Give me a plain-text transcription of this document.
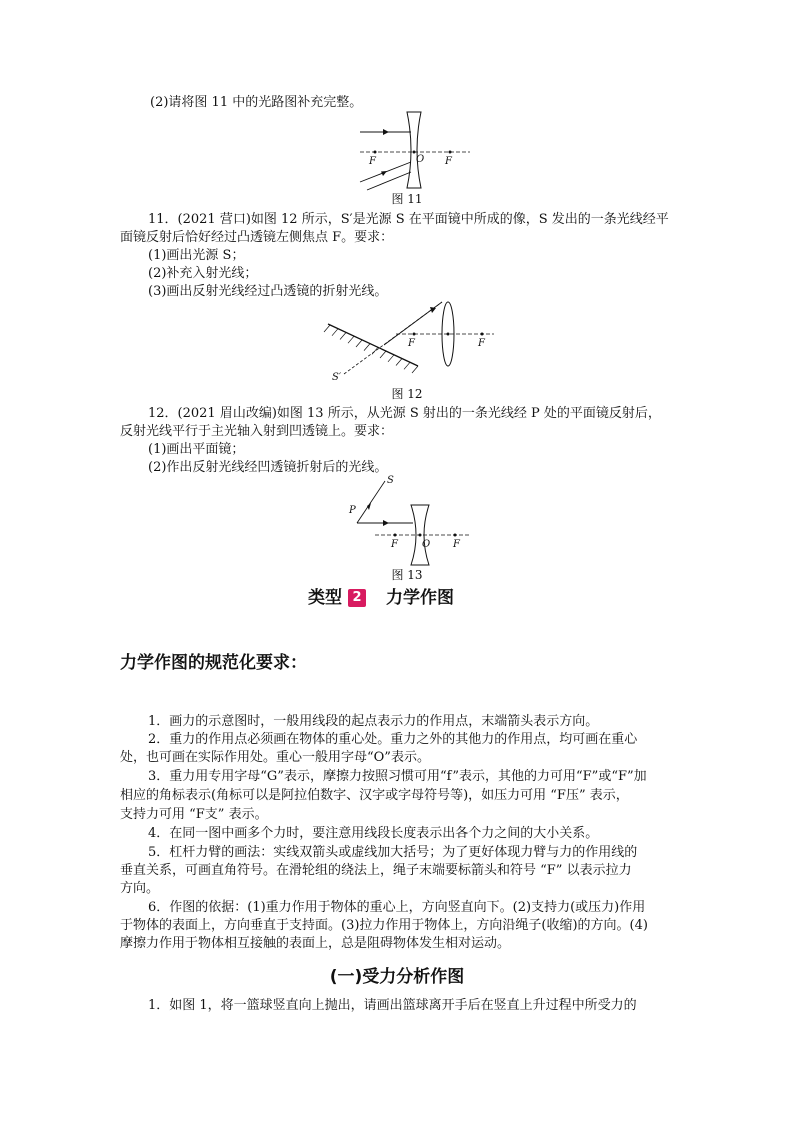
(2)请将图 11 中的光路图补充完整。
F	O F
图 11
11．(2021 营口)如图 12 所示，S′是光源 S 在平面镜中所成的像，S 发出的一条光线经平
面镜反射后恰好经过凸透镜左侧焦点 F。要求：
(1)画出光源 S；
(2)补充入射光线；
(3)画出反射光线经过凸透镜的折射光线。
F	F
S′
图 12
12．(2021 眉山改编)如图 13 所示，从光源 S 射出的一条光线经 P 处的平面镜反射后，
反射光线平行于主光轴入射到凹透镜上。要求：
(1)画出平面镜；
(2)作出反射光线经凹透镜折射后的光线。
S
P
F O F
图 13
类型 2 力学作图
力学作图的规范化要求：
1．画力的示意图时，一般用线段的起点表示力的作用点，末端箭头表示方向。
2．重力的作用点必须画在物体的重心处。重力之外的其他力的作用点，均可画在重心
处，也可画在实际作用处。重心一般用字母“O”表示。
3．重力用专用字母“G”表示，摩擦力按照习惯可用“f”表示，其他的力可用“F”或“F”加
相应的角标表示(角标可以是阿拉伯数字、汉字或字母符号等)，如压力可用 “F压” 表示，
支持力可用 “F支” 表示。
4．在同一图中画多个力时，要注意用线段长度表示出各个力之间的大小关系。
5．杠杆力臂的画法：实线双箭头或虚线加大括号；为了更好体现力臂与力的作用线的
垂直关系，可画直角符号。在滑轮组的绕法上，绳子末端要标箭头和符号 “F” 以表示拉力
方向。
6．作图的依据：(1)重力作用于物体的重心上，方向竖直向下。(2)支持力(或压力)作用
于物体的表面上，方向垂直于支持面。(3)拉力作用于物体上，方向沿绳子(收缩)的方向。(4)
摩擦力作用于物体相互接触的表面上，总是阻碍物体发生相对运动。
(一)受力分析作图
1．如图 1，将一篮球竖直向上抛出，请画出篮球离开手后在竖直上升过程中所受力的
